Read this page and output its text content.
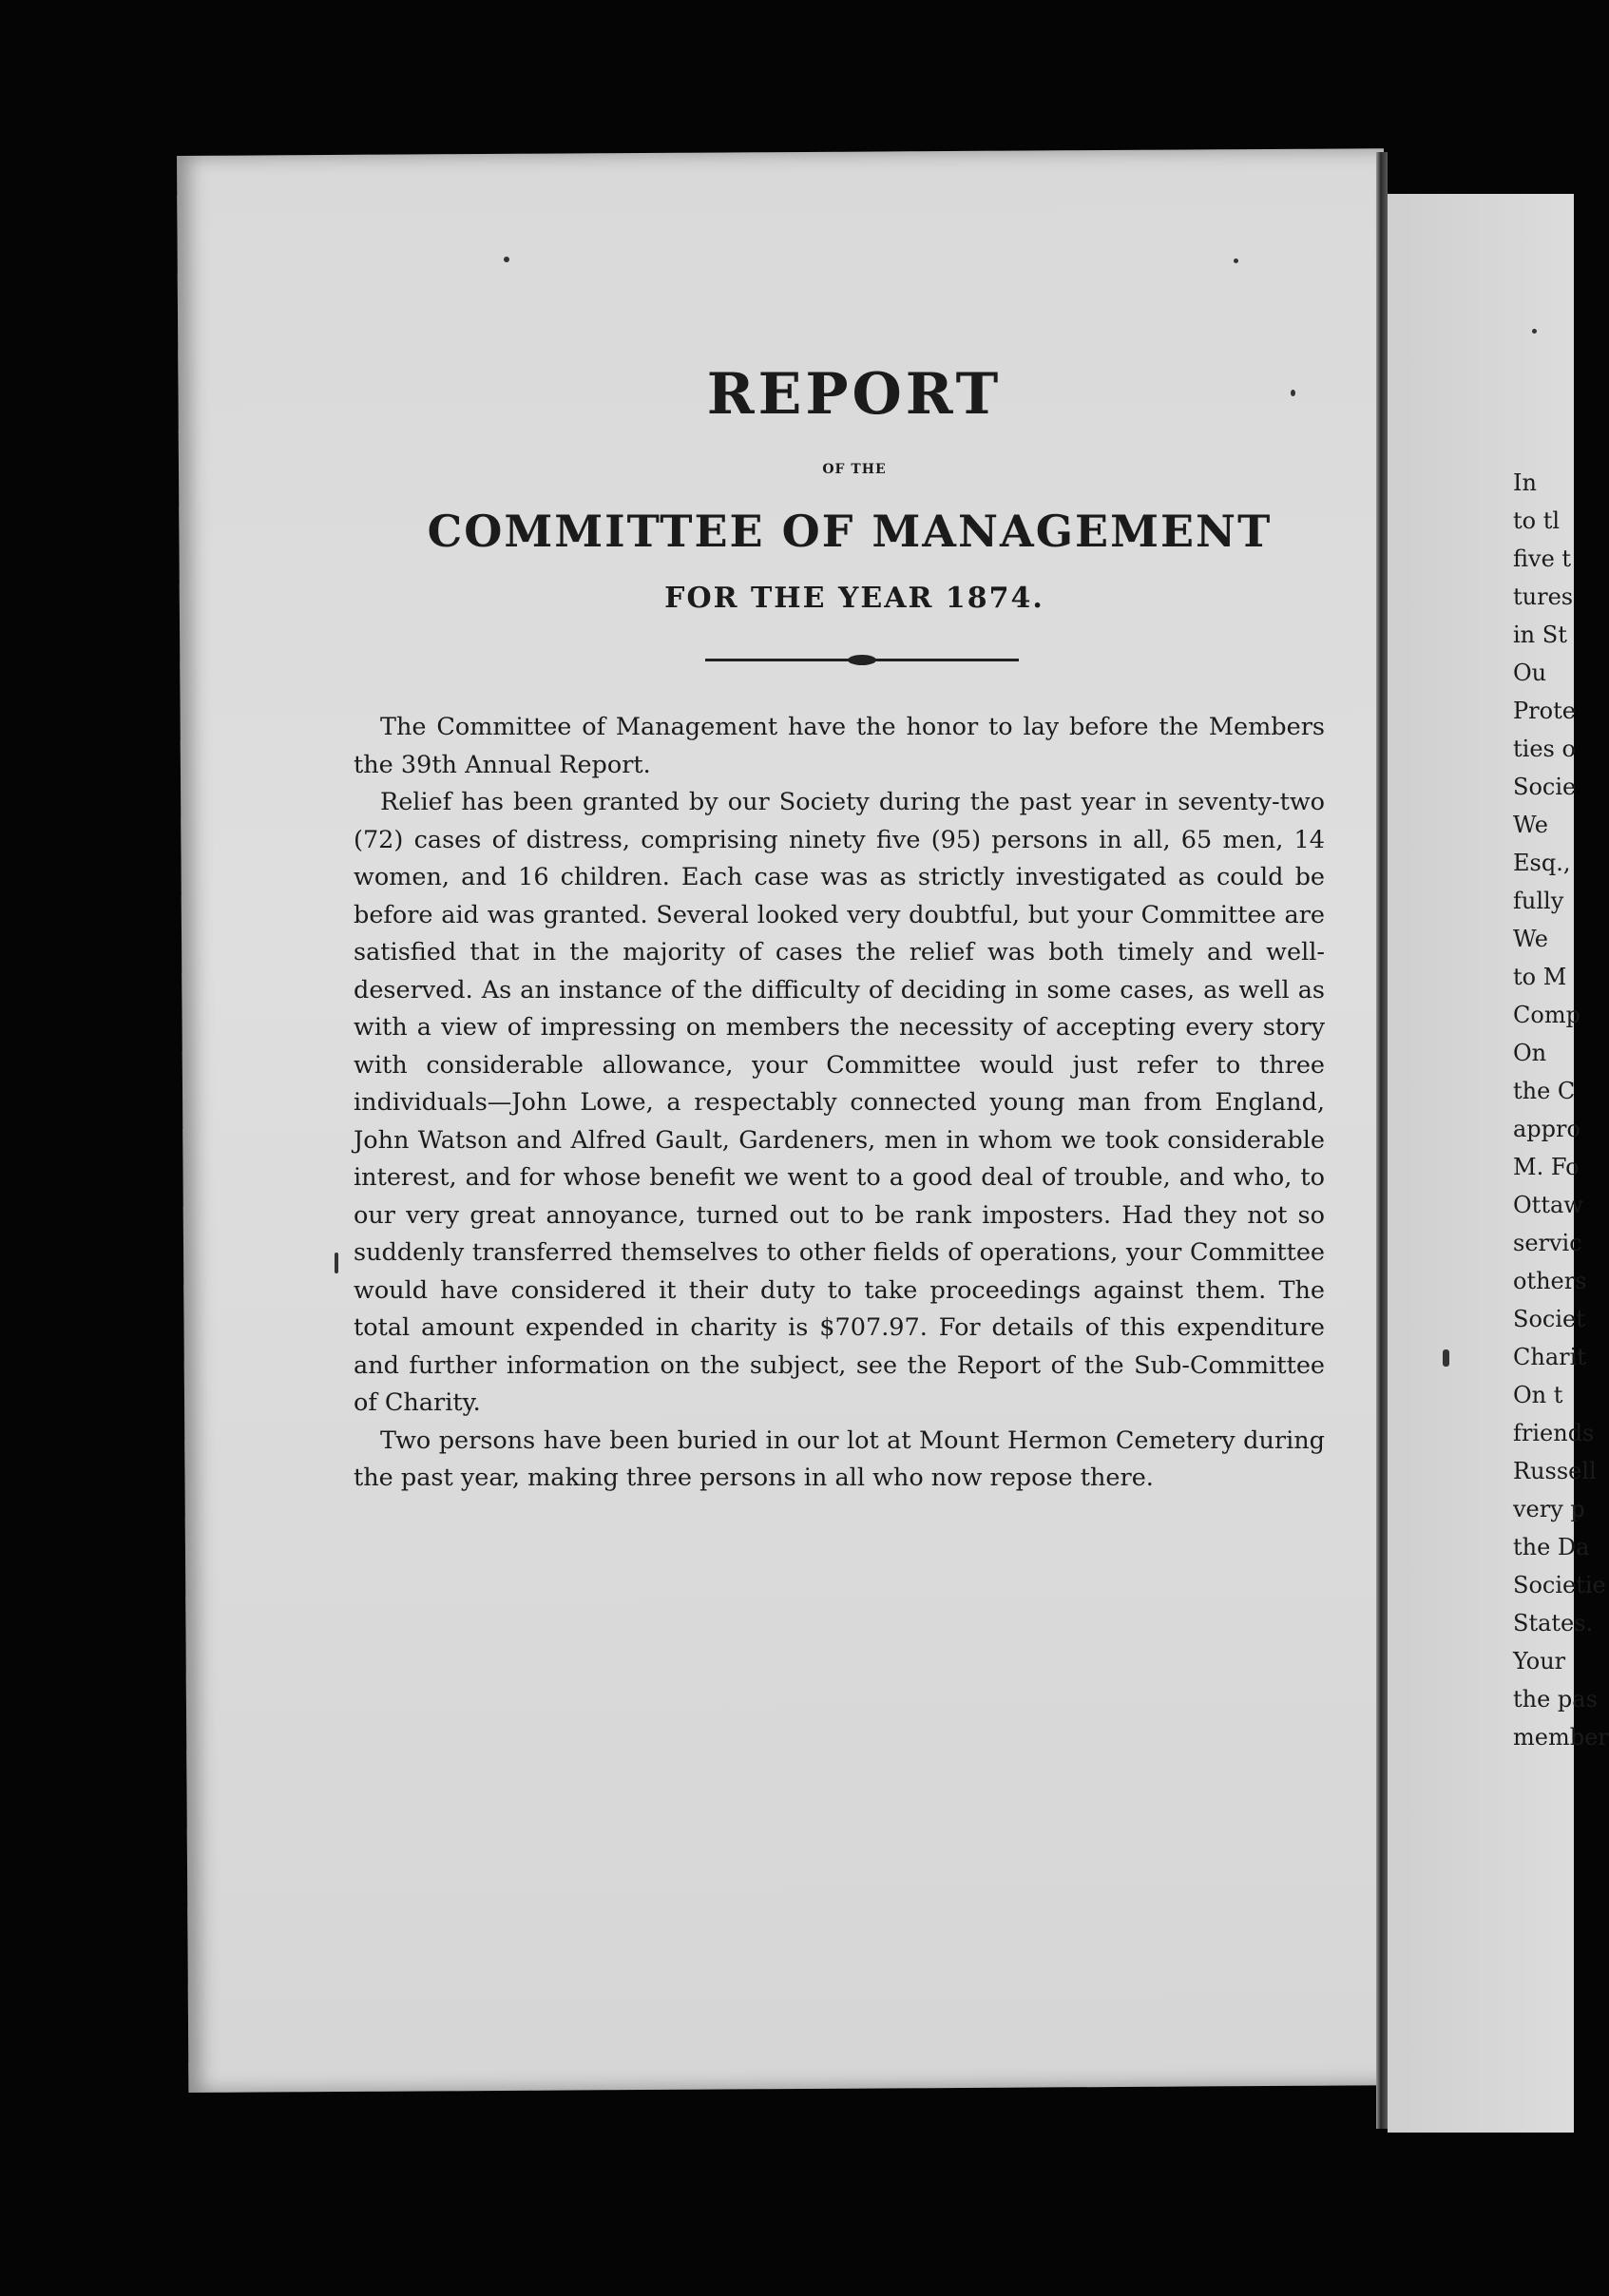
REPORT
OF THE
COMMITTEE OF MANAGEMENT
FOR THE YEAR 1874.

The Committee of Management have the honor to lay before the Members the 39th Annual Report.

Relief has been granted by our Society during the past year in seventy-two (72) cases of distress, comprising ninety five (95) persons in all, 65 men, 14 women, and 16 children. Each case was as strictly investigated as could be before aid was granted. Several looked very doubtful, but your Committee are satisfied that in the majority of cases the relief was both timely and well-deserved. As an instance of the difficulty of deciding in some cases, as well as with a view of impressing on members the necessity of accepting every story with considerable allowance, your Committee would just refer to three individuals—John Lowe, a respectably connected young man from England, John Watson and Alfred Gault, Gardeners, men in whom we took considerable interest, and for whose benefit we went to a good deal of trouble, and who, to our very great annoyance, turned out to be rank imposters. Had they not so suddenly transferred themselves to other fields of operations, your Committee would have considered it their duty to take proceedings against them. The total amount expended in charity is $707.97. For details of this expenditure and further information on the subject, see the Report of the Sub-Committee of Charity.

Two persons have been buried in our lot at Mount Hermon Cemetery during the past year, making three persons in all who now repose there.

In
to tl
five t
tures
in St
Ou
Prote
ties o
Socie
We
Esq.,
fully
We
to M
Comp
On
the C
appro
M. Fo
Ottaw
servic
others
Societ
Charit
On t
friends
Russell
very p
the Da
Societie
States.
Your
the pas
member
